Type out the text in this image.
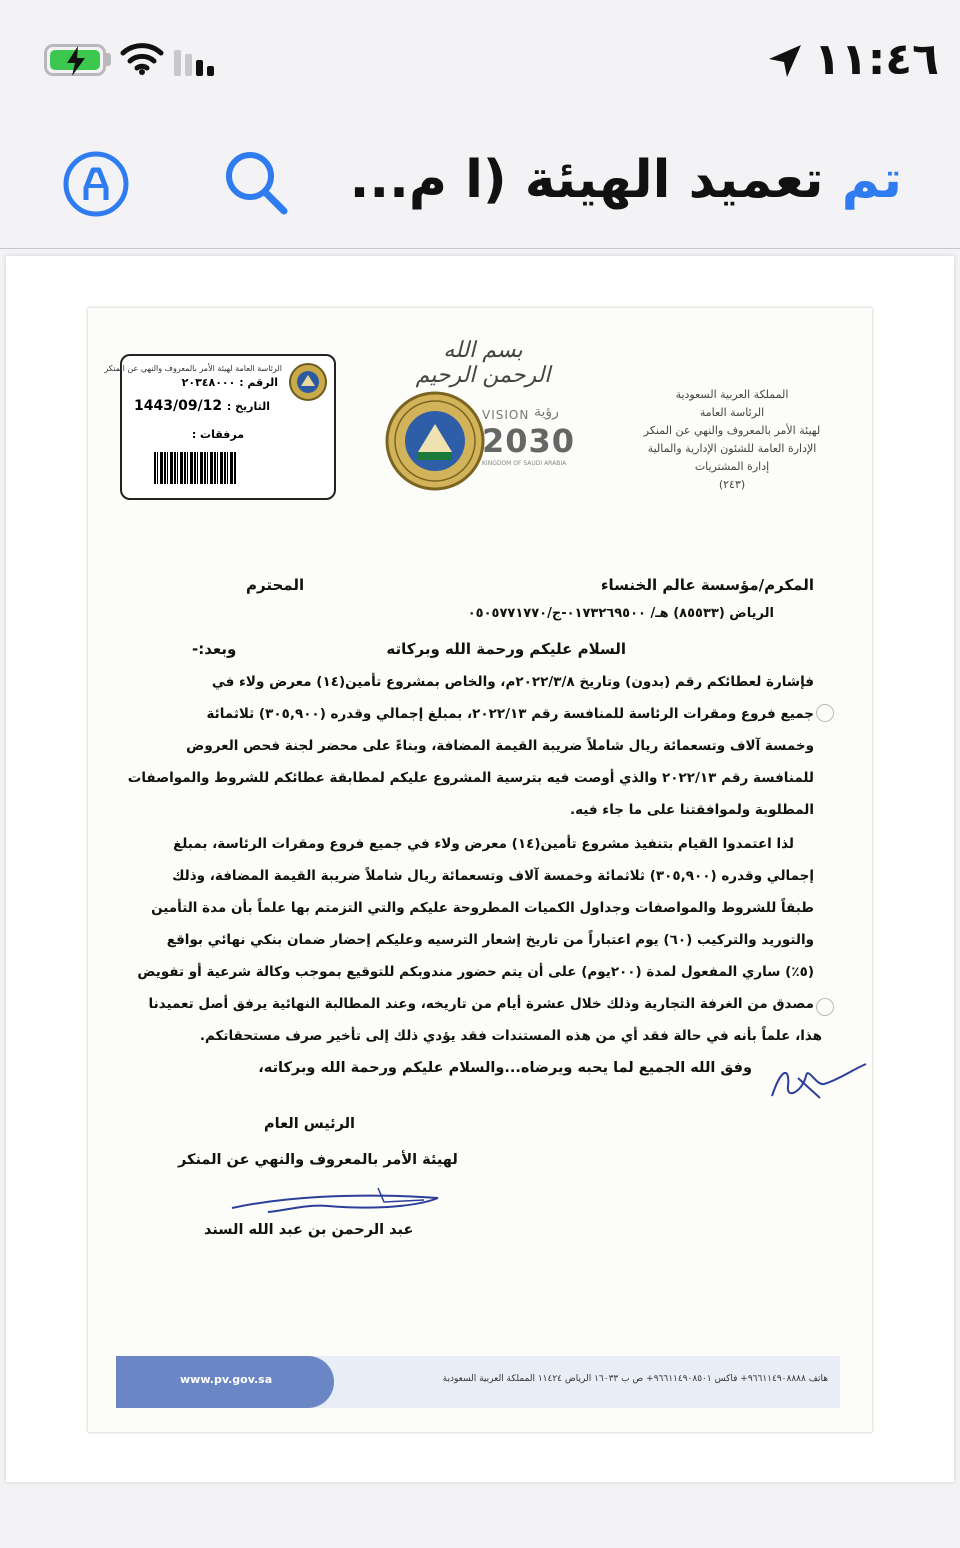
١١:٤٦
تم تعميد الهيئة (ا م...
الرئاسة العامة لهيئة الأمر بالمعروف والنهي عن المنكر
الرقم : ٢٠٣٤٨٠٠٠
التاريخ :
1443/09/12
مرفقات :
بسم الله الرحمن الرحيم
VISION رؤية
2030
KINGDOM OF SAUDI ARABIA
المملكة العربية السعودية
الرئاسة العامة
لهيئة الأمر بالمعروف والنهي عن المنكر
الإدارة العامة للشئون الإدارية والمالية
إدارة المشتريات
(٢٤٣)
المكرم/مؤسسة عالم الخنساء
المحترم
الرياض (٨٥٥٣٣) هـ/ ٠١٧٣٢٦٩٥٠٠-ج/٠٥٠٥٧٧١٧٧٠
السلام عليكم ورحمة الله وبركاته
وبعد:-
فإشارة لعطائكم رقم (بدون) وتاريخ ٢٠٢٢/٣/٨م، والخاص بمشروع تأمين(١٤) معرض ولاء في
جميع فروع ومقرات الرئاسة للمنافسة رقم ٢٠٢٢/١٣، بمبلغ إجمالي وقدره (٣٠٥,٩٠٠) ثلاثمائة
وخمسة آلاف وتسعمائة ريال شاملاً ضريبة القيمة المضافة، وبناءً على محضر لجنة فحص العروض
للمنافسة رقم ٢٠٢٢/١٣ والذي أوصت فيه بترسية المشروع عليكم لمطابقة عطائكم للشروط والمواصفات
المطلوبة ولموافقتنا على ما جاء فيه.
لذا اعتمدوا القيام بتنفيذ مشروع تأمين(١٤) معرض ولاء في جميع فروع ومقرات الرئاسة، بمبلغ
إجمالي وقدره (٣٠٥,٩٠٠) ثلاثمائة وخمسة آلاف وتسعمائة ريال شاملاً ضريبة القيمة المضافة، وذلك
طبقاً للشروط والمواصفات وجداول الكميات المطروحة عليكم والتي التزمتم بها علماً بأن مدة التأمين
والتوريد والتركيب (٦٠) يوم اعتباراً من تاريخ إشعار الترسيه وعليكم إحضار ضمان بنكي نهائي بواقع
(٥٪) ساري المفعول لمدة (٢٠٠يوم) على أن يتم حضور مندوبكم للتوقيع بموجب وكالة شرعية أو تفويض
مصدق من الغرفة التجارية وذلك خلال عشرة أيام من تاريخه، وعند المطالبة النهائية يرفق أصل تعميدنا
هذا، علماً بأنه في حالة فقد أي من هذه المستندات فقد يؤدي ذلك إلى تأخير صرف مستحقاتكم.
وفق الله الجميع لما يحبه ويرضاه...والسلام عليكم ورحمة الله وبركاته،
الرئيس العام
لهيئة الأمر بالمعروف والنهي عن المنكر
عبد الرحمن بن عبد الله السند
www.pv.gov.sa	هاتف ٩٦٦١١٤٩٠٨٨٨٨+ فاكس ٩٦٦١١٤٩٠٨٥٠١+ ص ب ١٦٠٣٣ الرياض ١١٤٢٤ المملكة العربية السعودية
